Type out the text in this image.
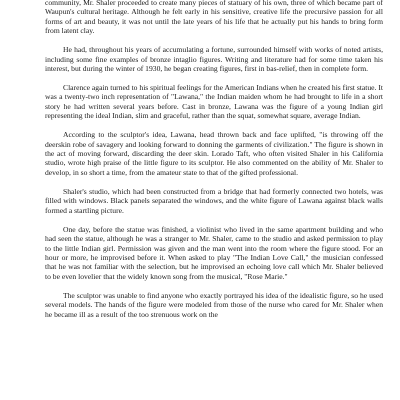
community, Mr. Shaler proceeded to create many pieces of statuary of his own, three of which became part of Waupun's cultural heritage. Although he felt early in his sensitive, creative life the precursive passion for all forms of art and beauty, it was not until the late years of his life that he actually put his hands to bring form from latent clay.

He had, throughout his years of accumulating a fortune, surrounded himself with works of noted artists, including some fine examples of bronze intaglio figures. Writing and literature had for some time taken his interest, but during the winter of 1930, he began creating figures, first in bas-relief, then in complete form.

Clarence again turned to his spiritual feelings for the American Indians when he created his first statue. It was a twenty-two inch representation of "Lawana," the Indian maiden whom he had brought to life in a short story he had written several years before. Cast in bronze, Lawana was the figure of a young Indian girl representing the ideal Indian, slim and graceful, rather than the squat, somewhat square, average Indian.

According to the sculptor's idea, Lawana, head thrown back and face uplifted, "is throwing off the deerskin robe of savagery and looking forward to donning the garments of civilization." The figure is shown in the act of moving forward, discarding the deer skin. Lorado Taft, who often visited Shaler in his California studio, wrote high praise of the little figure to its sculptor. He also commented on the ability of Mr. Shaler to develop, in so short a time, from the amateur state to that of the gifted professional.

Shaler's studio, which had been constructed from a bridge that had formerly connected two hotels, was filled with windows. Black panels separated the windows, and the white figure of Lawana against black walls formed a startling picture.

One day, before the statue was finished, a violinist who lived in the same apartment building and who had seen the statue, although he was a stranger to Mr. Shaler, came to the studio and asked permission to play to the little Indian girl. Permission was given and the man went into the room where the figure stood. For an hour or more, he improvised before it. When asked to play "The Indian Love Call," the musician confessed that he was not familiar with the selection, but he improvised an echoing love call which Mr. Shaler believed to be even lovelier that the widely known song from the musical, "Rose Marie."

The sculptor was unable to find anyone who exactly portrayed his idea of the idealistic figure, so he used several models. The hands of the figure were modeled from those of the nurse who cared for Mr. Shaler when he became ill as a result of the too strenuous work on the
